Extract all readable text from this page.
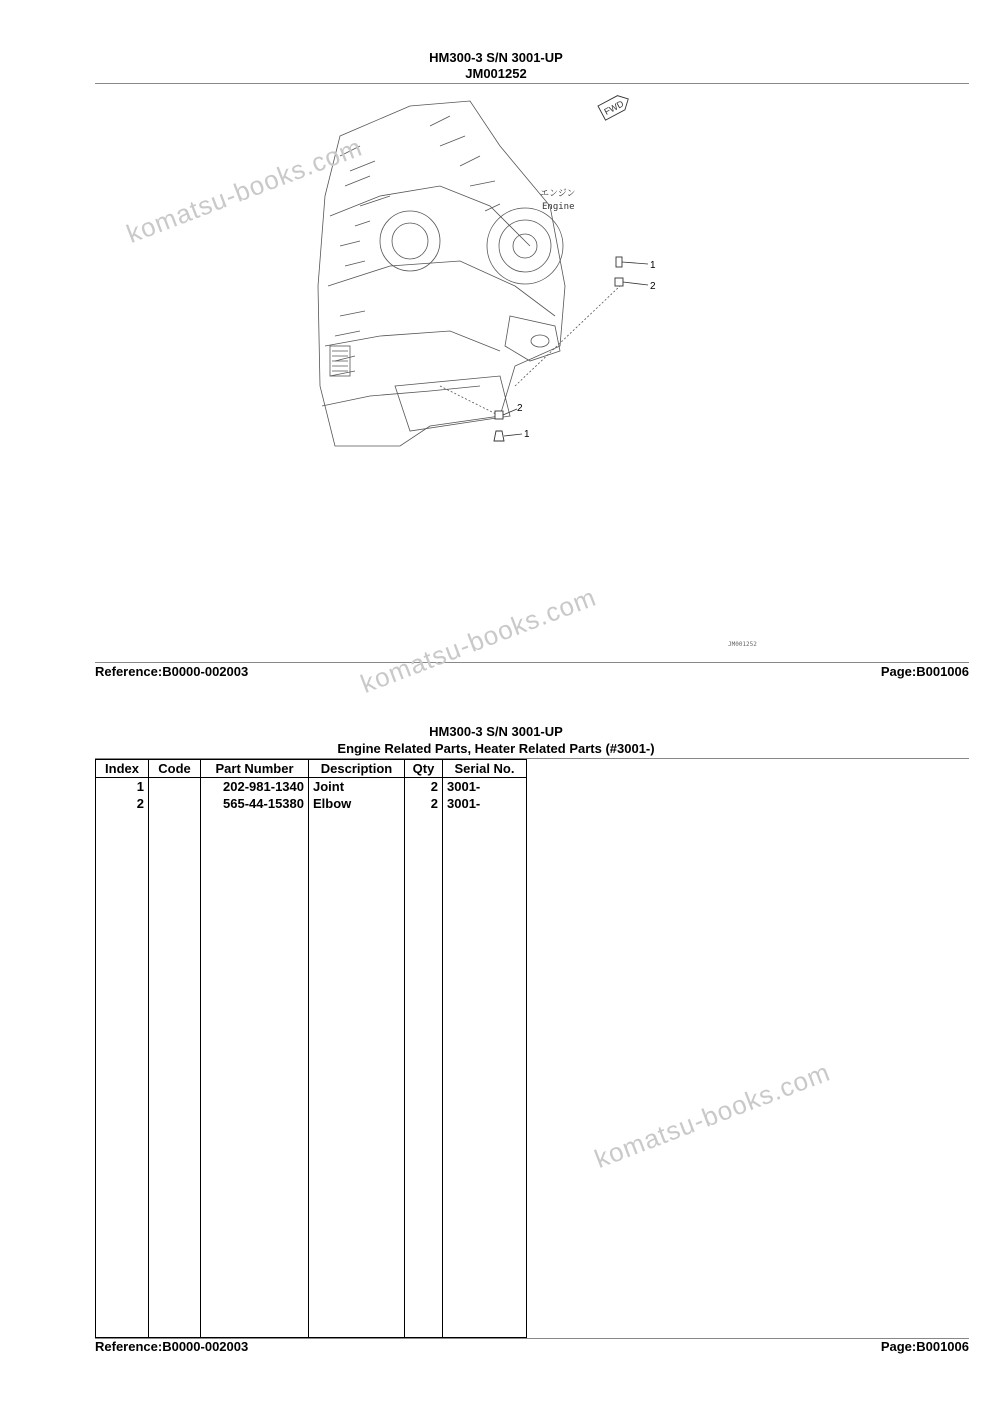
HM300-3 S/N 3001-UP
JM001252
FWD
エンジン
Engine
1
2
2
1
JM001252
Reference:B0000-002003	Page:B001006
HM300-3 S/N 3001-UP
Engine Related Parts, Heater Related Parts (#3001-)
Index	Code	Part Number	Description	Qty	Serial No.
1		202-981-1340	Joint	2	3001-
2		565-44-15380	Elbow	2	3001-

Reference:B0000-002003	Page:B001006
komatsu-books.com
komatsu-books.com
komatsu-books.com
